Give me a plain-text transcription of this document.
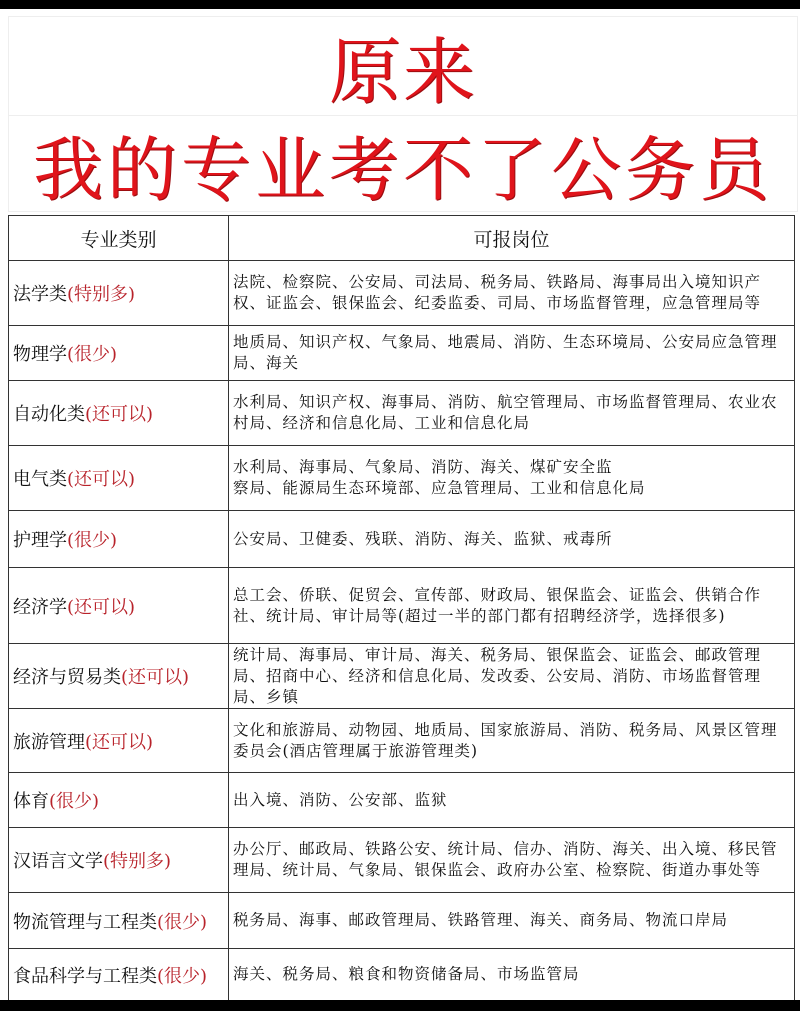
原来
我的专业考不了公务员
专业类别	可报岗位
法学类(特别多)	法院、检察院、公安局、司法局、税务局、铁路局、海事局出入境知识产权、证监会、银保监会、纪委监委、司局、市场监督管理，应急管理局等
物理学(很少)	地质局、知识产权、气象局、地震局、消防、生态环境局、公安局应急管理局、海关
自动化类(还可以)	水利局、知识产权、海事局、消防、航空管理局、市场监督管理局、农业农村局、经济和信息化局、工业和信息化局
电气类(还可以)	水利局、海事局、气象局、消防、海关、煤矿安全监
察局、能源局生态环境部、应急管理局、工业和信息化局
护理学(很少)	公安局、卫健委、残联、消防、海关、监狱、戒毒所
经济学(还可以)	总工会、侨联、促贸会、宣传部、财政局、银保监会、证监会、供销合作社、统计局、审计局等(超过一半的部门都有招聘经济学，选择很多)
经济与贸易类(还可以)	统计局、海事局、审计局、海关、税务局、银保监会、证监会、邮政管理局、招商中心、经济和信息化局、发改委、公安局、消防、市场监督管理局、乡镇
旅游管理(还可以)	文化和旅游局、动物园、地质局、国家旅游局、消防、税务局、风景区管理委员会(酒店管理属于旅游管理类)
体育(很少)	出入境、消防、公安部、监狱
汉语言文学(特别多)	办公厅、邮政局、铁路公安、统计局、信办、消防、海关、出入境、移民管理局、统计局、气象局、银保监会、政府办公室、检察院、街道办事处等
物流管理与工程类(很少)	税务局、海事、邮政管理局、铁路管理、海关、商务局、物流口岸局
食品科学与工程类(很少)	海关、税务局、粮食和物资储备局、市场监管局
